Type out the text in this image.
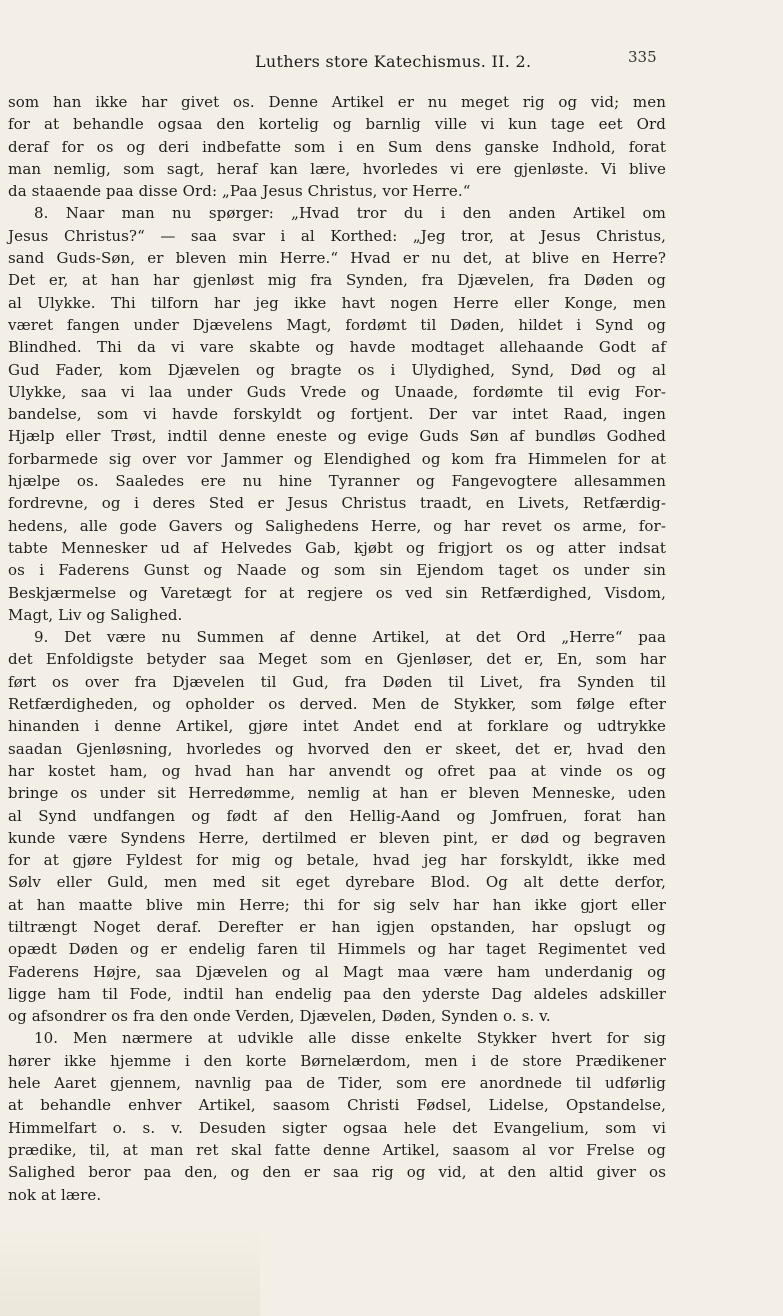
Luthers store Katechismus. II. 2.	335
som han ikke har givet os. Denne Artikel er nu meget rig og vid; men
for at behandle ogsaa den kortelig og barnlig ville vi kun tage eet Ord
deraf for os og deri indbefatte som i en Sum dens ganske Indhold, forat
man nemlig, som sagt, heraf kan lære, hvorledes vi ere gjenløste. Vi blive
da staaende paa disse Ord: „Paa Jesus Christus, vor Herre.“
8. Naar man nu spørger: „Hvad tror du i den anden Artikel om
Jesus Christus?“ — saa svar i al Korthed: „Jeg tror, at Jesus Christus,
sand Guds-Søn, er bleven min Herre.“ Hvad er nu det, at blive en Herre?
Det er, at han har gjenløst mig fra Synden, fra Djævelen, fra Døden og
al Ulykke. Thi tilforn har jeg ikke havt nogen Herre eller Konge, men
været fangen under Djævelens Magt, fordømt til Døden, hildet i Synd og
Blindhed. Thi da vi vare skabte og havde modtaget allehaande Godt af
Gud Fader, kom Djævelen og bragte os i Ulydighed, Synd, Død og al
Ulykke, saa vi laa under Guds Vrede og Unaade, fordømte til evig For-
bandelse, som vi havde forskyldt og fortjent. Der var intet Raad, ingen
Hjælp eller Trøst, indtil denne eneste og evige Guds Søn af bundløs Godhed
forbarmede sig over vor Jammer og Elendighed og kom fra Himmelen for at
hjælpe os. Saaledes ere nu hine Tyranner og Fangevogtere allesammen
fordrevne, og i deres Sted er Jesus Christus traadt, en Livets, Retfærdig-
hedens, alle gode Gavers og Salighedens Herre, og har revet os arme, for-
tabte Mennesker ud af Helvedes Gab, kjøbt og frigjort os og atter indsat
os i Faderens Gunst og Naade og som sin Ejendom taget os under sin
Beskjærmelse og Varetægt for at regjere os ved sin Retfærdighed, Visdom,
Magt, Liv og Salighed.
9. Det være nu Summen af denne Artikel, at det Ord „Herre“ paa
det Enfoldigste betyder saa Meget som en Gjenløser, det er, En, som har
ført os over fra Djævelen til Gud, fra Døden til Livet, fra Synden til
Retfærdigheden, og opholder os derved. Men de Stykker, som følge efter
hinanden i denne Artikel, gjøre intet Andet end at forklare og udtrykke
saadan Gjenløsning, hvorledes og hvorved den er skeet, det er, hvad den
har kostet ham, og hvad han har anvendt og ofret paa at vinde os og
bringe os under sit Herredømme, nemlig at han er bleven Menneske, uden
al Synd undfangen og født af den Hellig-Aand og Jomfruen, forat han
kunde være Syndens Herre, dertilmed er bleven pint, er død og begraven
for at gjøre Fyldest for mig og betale, hvad jeg har forskyldt, ikke med
Sølv eller Guld, men med sit eget dyrebare Blod. Og alt dette derfor,
at han maatte blive min Herre; thi for sig selv har han ikke gjort eller
tiltrængt Noget deraf. Derefter er han igjen opstanden, har opslugt og
opædt Døden og er endelig faren til Himmels og har taget Regimentet ved
Faderens Højre, saa Djævelen og al Magt maa være ham underdanig og
ligge ham til Fode, indtil han endelig paa den yderste Dag aldeles adskiller
og afsondrer os fra den onde Verden, Djævelen, Døden, Synden o. s. v.
10. Men nærmere at udvikle alle disse enkelte Stykker hvert for sig
hører ikke hjemme i den korte Børnelærdom, men i de store Prædikener
hele Aaret gjennem, navnlig paa de Tider, som ere anordnede til udførlig
at behandle enhver Artikel, saasom Christi Fødsel, Lidelse, Opstandelse,
Himmelfart o. s. v. Desuden sigter ogsaa hele det Evangelium, som vi
prædike, til, at man ret skal fatte denne Artikel, saasom al vor Frelse og
Salighed beror paa den, og den er saa rig og vid, at den altid giver os
nok at lære.
